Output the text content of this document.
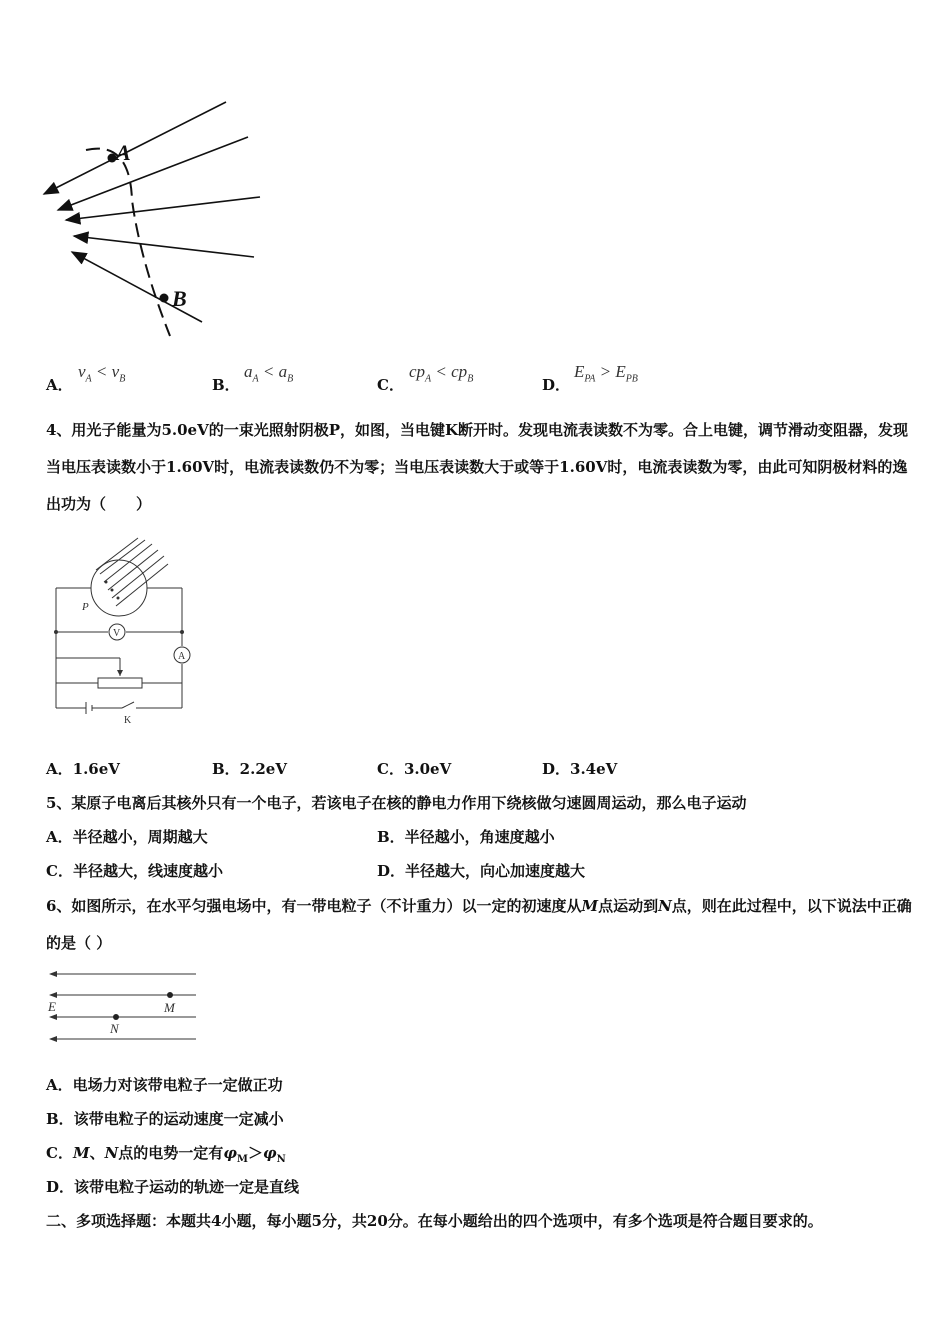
A
B
A．
$v_A < v_B$	B．
$a_A < a_B$	C．
$cp_A < cp_B$	D．
$E_{PA} > E_{PB}$
4、用光子能量为5.0eV的一束光照射阴极P，如图，当电键K断开时。发现电流表读数不为零。合上电键，调节滑动变阻器，发现当电压表读数小于1.60V时，电流表读数仍不为零；当电压表读数大于或等于1.60V时，电流表读数为零，由此可知阴极材料的逸出功为（　　）
P
V
A
K
A．1.6eV	B．2.2eV	C．3.0eV	D．3.4eV
5、某原子电离后其核外只有一个电子，若该电子在核的静电力作用下绕核做匀速圆周运动，那么电子运动
A．半径越小，周期越大	B．半径越小，角速度越小
C．半径越大，线速度越小	D．半径越大，向心加速度越大
6、如图所示，在水平匀强电场中，有一带电粒子（不计重力）以一定的初速度从M点运动到N点，则在此过程中，以下说法中正确的是（ ）
E	M
N
A．电场力对该带电粒子一定做正功
B．该带电粒子的运动速度一定减小
C．M、N点的电势一定有$\varphi_M>\varphi_N$
D．该带电粒子运动的轨迹一定是直线
二、多项选择题：本题共4小题，每小题5分，共20分。在每小题给出的四个选项中，有多个选项是符合题目要求的。
